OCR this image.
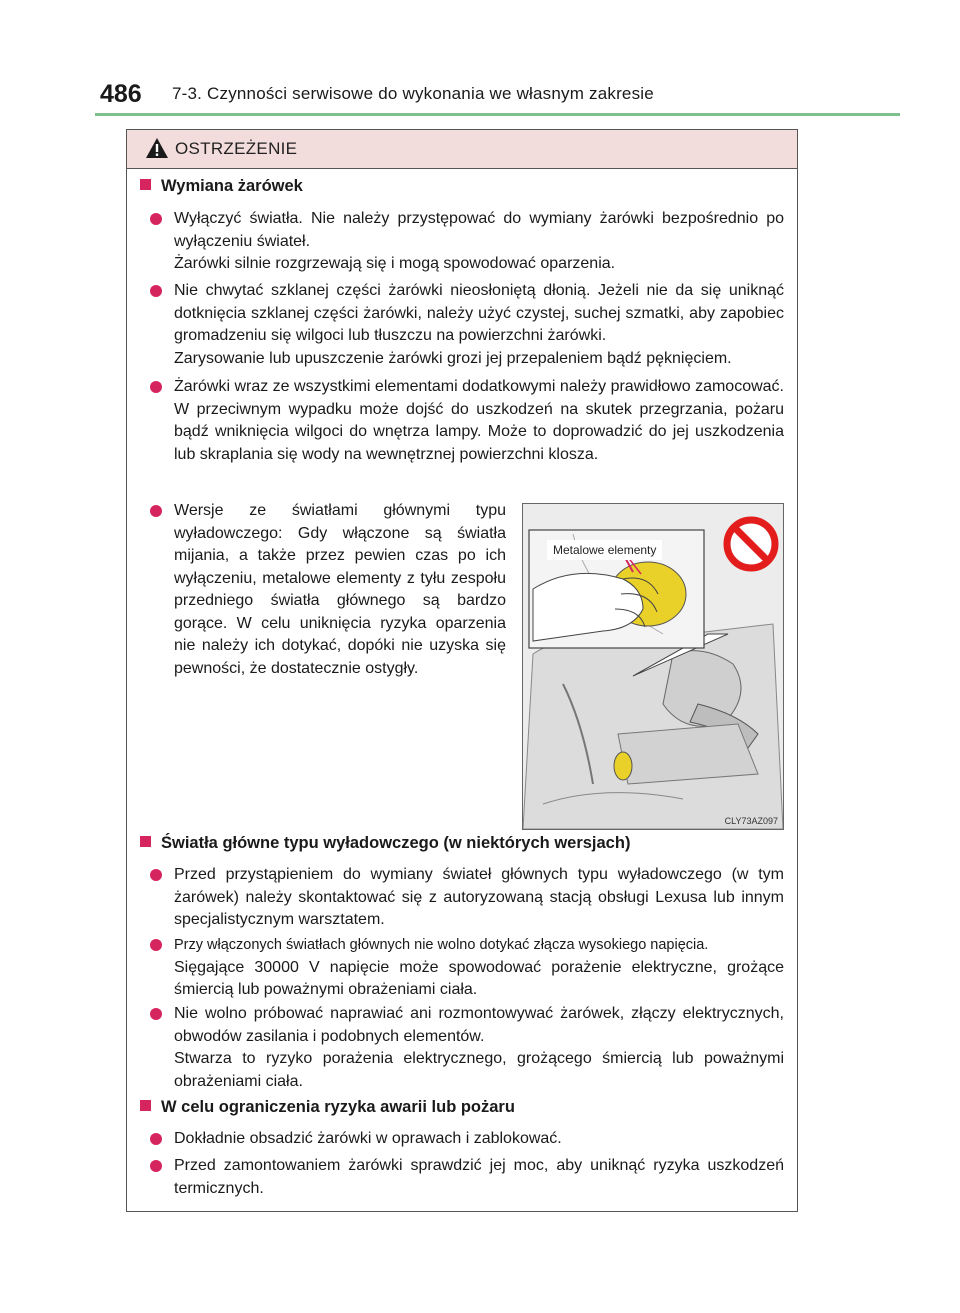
486 7-3. Czynności serwisowe do wykonania we własnym zakresie
OSTRZEŻENIE
Wymiana żarówek

Wyłączyć światła. Nie należy przystępować do wymiany żarówki bezpośrednio po wyłączeniu świateł.

Żarówki silnie rozgrzewają się i mogą spowodować oparzenia.

Nie chwytać szklanej części żarówki nieosłoniętą dłonią. Jeżeli nie da się uniknąć dotknięcia szklanej części żarówki, należy użyć czystej, suchej szmatki, aby zapobiec gromadzeniu się wilgoci lub tłuszczu na powierzchni żarówki.

Zarysowanie lub upuszczenie żarówki grozi jej przepaleniem bądź pęknięciem.

Żarówki wraz ze wszystkimi elementami dodatkowymi należy prawidłowo zamocować. W przeciwnym wypadku może dojść do uszkodzeń na skutek przegrzania, pożaru bądź wniknięcia wilgoci do wnętrza lampy. Może to doprowadzić do jej uszkodzenia lub skraplania się wody na wewnętrznej powierzchni klosza.

Wersje ze światłami głównymi typu wyładowczego: Gdy włączone są światła mijania, a także przez pewien czas po ich wyłączeniu, metalowe elementy z tyłu zespołu przedniego światła głównego są bardzo gorące. W celu uniknięcia ryzyka oparzenia nie należy ich dotykać, dopóki nie uzyska się pewności, że dostatecznie ostygły.

Metalowe elementy
CLY73AZ097
Światła główne typu wyładowczego (w niektórych wersjach)

Przed przystąpieniem do wymiany świateł głównych typu wyładowczego (w tym żarówek) należy skontaktować się z autoryzowaną stacją obsługi Lexusa lub innym specjalistycznym warsztatem.

Przy włączonych światłach głównych nie wolno dotykać złącza wysokiego napięcia.

Sięgające 30000 V napięcie może spowodować porażenie elektryczne, grożące śmiercią lub poważnymi obrażeniami ciała.

Nie wolno próbować naprawiać ani rozmontowywać żarówek, złączy elektrycznych, obwodów zasilania i podobnych elementów.

Stwarza to ryzyko porażenia elektrycznego, grożącego śmiercią lub poważnymi obrażeniami ciała.

W celu ograniczenia ryzyka awarii lub pożaru

Dokładnie obsadzić żarówki w oprawach i zablokować.

Przed zamontowaniem żarówki sprawdzić jej moc, aby uniknąć ryzyka uszkodzeń termicznych.
